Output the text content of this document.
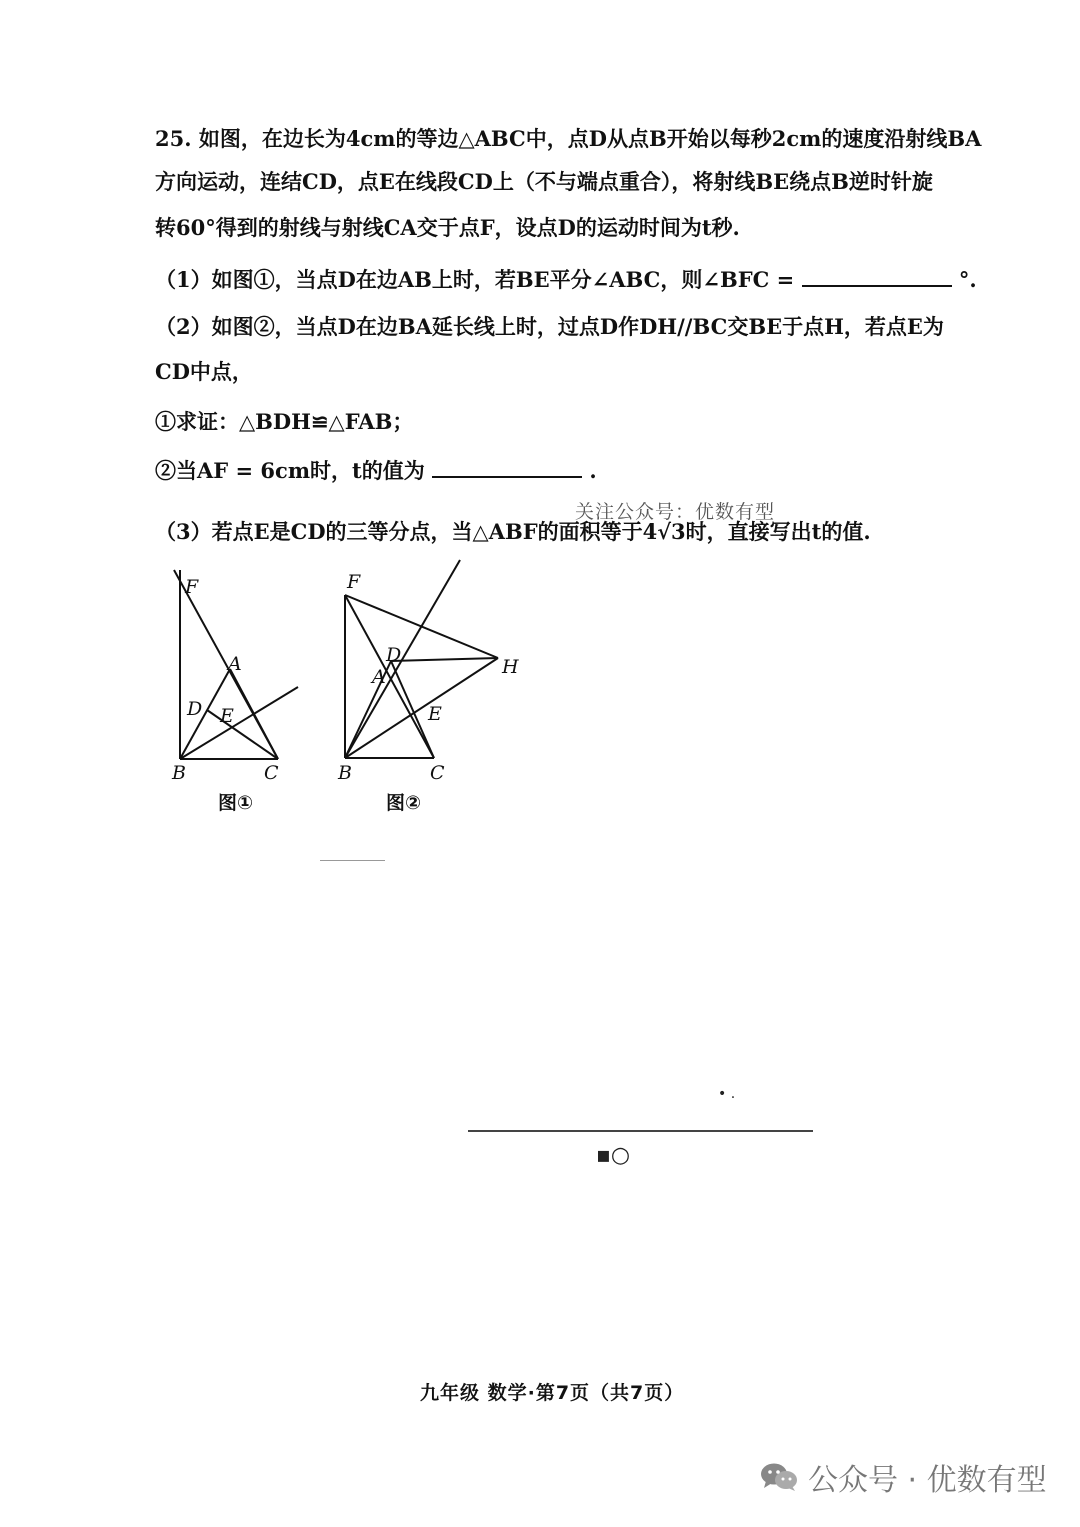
25. 如图，在边长为4cm的等边△ABC中，点D从点B开始以每秒2cm的速度沿射线BA
方向运动，连结CD，点E在线段CD上（不与端点重合），将射线BE绕点B逆时针旋
转60°得到的射线与射线CA交于点F，设点D的运动时间为t秒.
（1）如图①，当点D在边AB上时，若BE平分∠ABC，则∠BFC =	°.
（2）如图②，当点D在边BA延长线上时，过点D作DH//BC交BE于点H，若点E为
CD中点，
①求证：△BDH≌△FAB；
②当AF = 6cm时，t的值为	.
关注公众号：优数有型
（3）若点E是CD的三等分点，当△ABF的面积等于4√3时，直接写出t的值.
F
A
D E
B	C
图①
F
D
A	H
E
B	C
图②
• .
▪○
九年级 数学·第7页（共7页）
公众号 · 优数有型
